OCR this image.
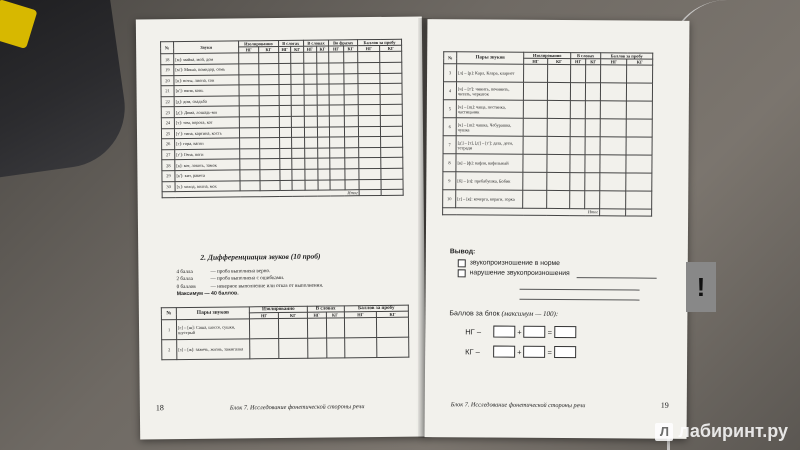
№	Звуки	Изолированно		В слогах		В словах		Во фразах		Баллов за пробу	
		НГ	КГ	НГ	КГ	НГ	КГ	НГ	КГ	НГ	КГ
18	[м]: майка, мой, дом										
19	[м']: Миша, помидор, семь										
20	[н]: ноты, лиона, сон										
21	[н']: няня, конь										
22	[д]: дом, свадьба										
23	[д']: Дима, лошадь-ми										
24	[т]: том, ворота, кот										
25	[т']: тина, картина, кость										
26	[г]: гора, вагон										
27	[г']: Гена, ноги										
28	[к]: кот, локоть, замок										
29	[к']: кит, ракета										
30	[х]: холод, волна, мох										
Итог											
2. Дифференциация звуков (10 проб)
4 балла	— проба выполнена верно.
2 балла	— проба выполнена с ошибками.
0 баллов	— неверное выполнение или отказ от выполнения.
Максимум — 40 баллов.
№	Пары звуков	Изолированно		В словах		Баллов за пробу	
		НГ	КГ	НГ	КГ	НГ	КГ
1	[с] – [ш]: Саша, шоссе, сушки, шустрый						
2	[з] – [ж]: зажечь, жизнь, зажигалка						
18	Блок 7. Исследование фонетической стороны речи
№	Пары звуков	Изолированно		В словах		Баллов за пробу	
		НГ	КГ	НГ	КГ	НГ	КГ
3	[л] – [р]: Карл, Клара, кларнет						
4	[ч] – [т']: чинить, починить, читать, черкаток						
5	[ч] – [щ]: чаща, пестинка, частицьник						
6	[ч] – [ш]: чашка, Чебурашка, чушка						
7	[д'] – [т], [д'] – [т']: дата, дети, тетради						
8	[в] – [ф]: вафля, вафельный						
9	[б] – [п]: пребабушка, Бобик						
10	[г] – [к]: кочерга, кораги, горка						
Итог							
Вывод:
звукопроизношение в норме
нарушение звукопроизношения
Баллов за блок (максимум — 100):
НГ –	+	=
КГ –	+	=
Блок 7. Исследование фонетической стороны речи	19
!
Л лабиринт.ру
